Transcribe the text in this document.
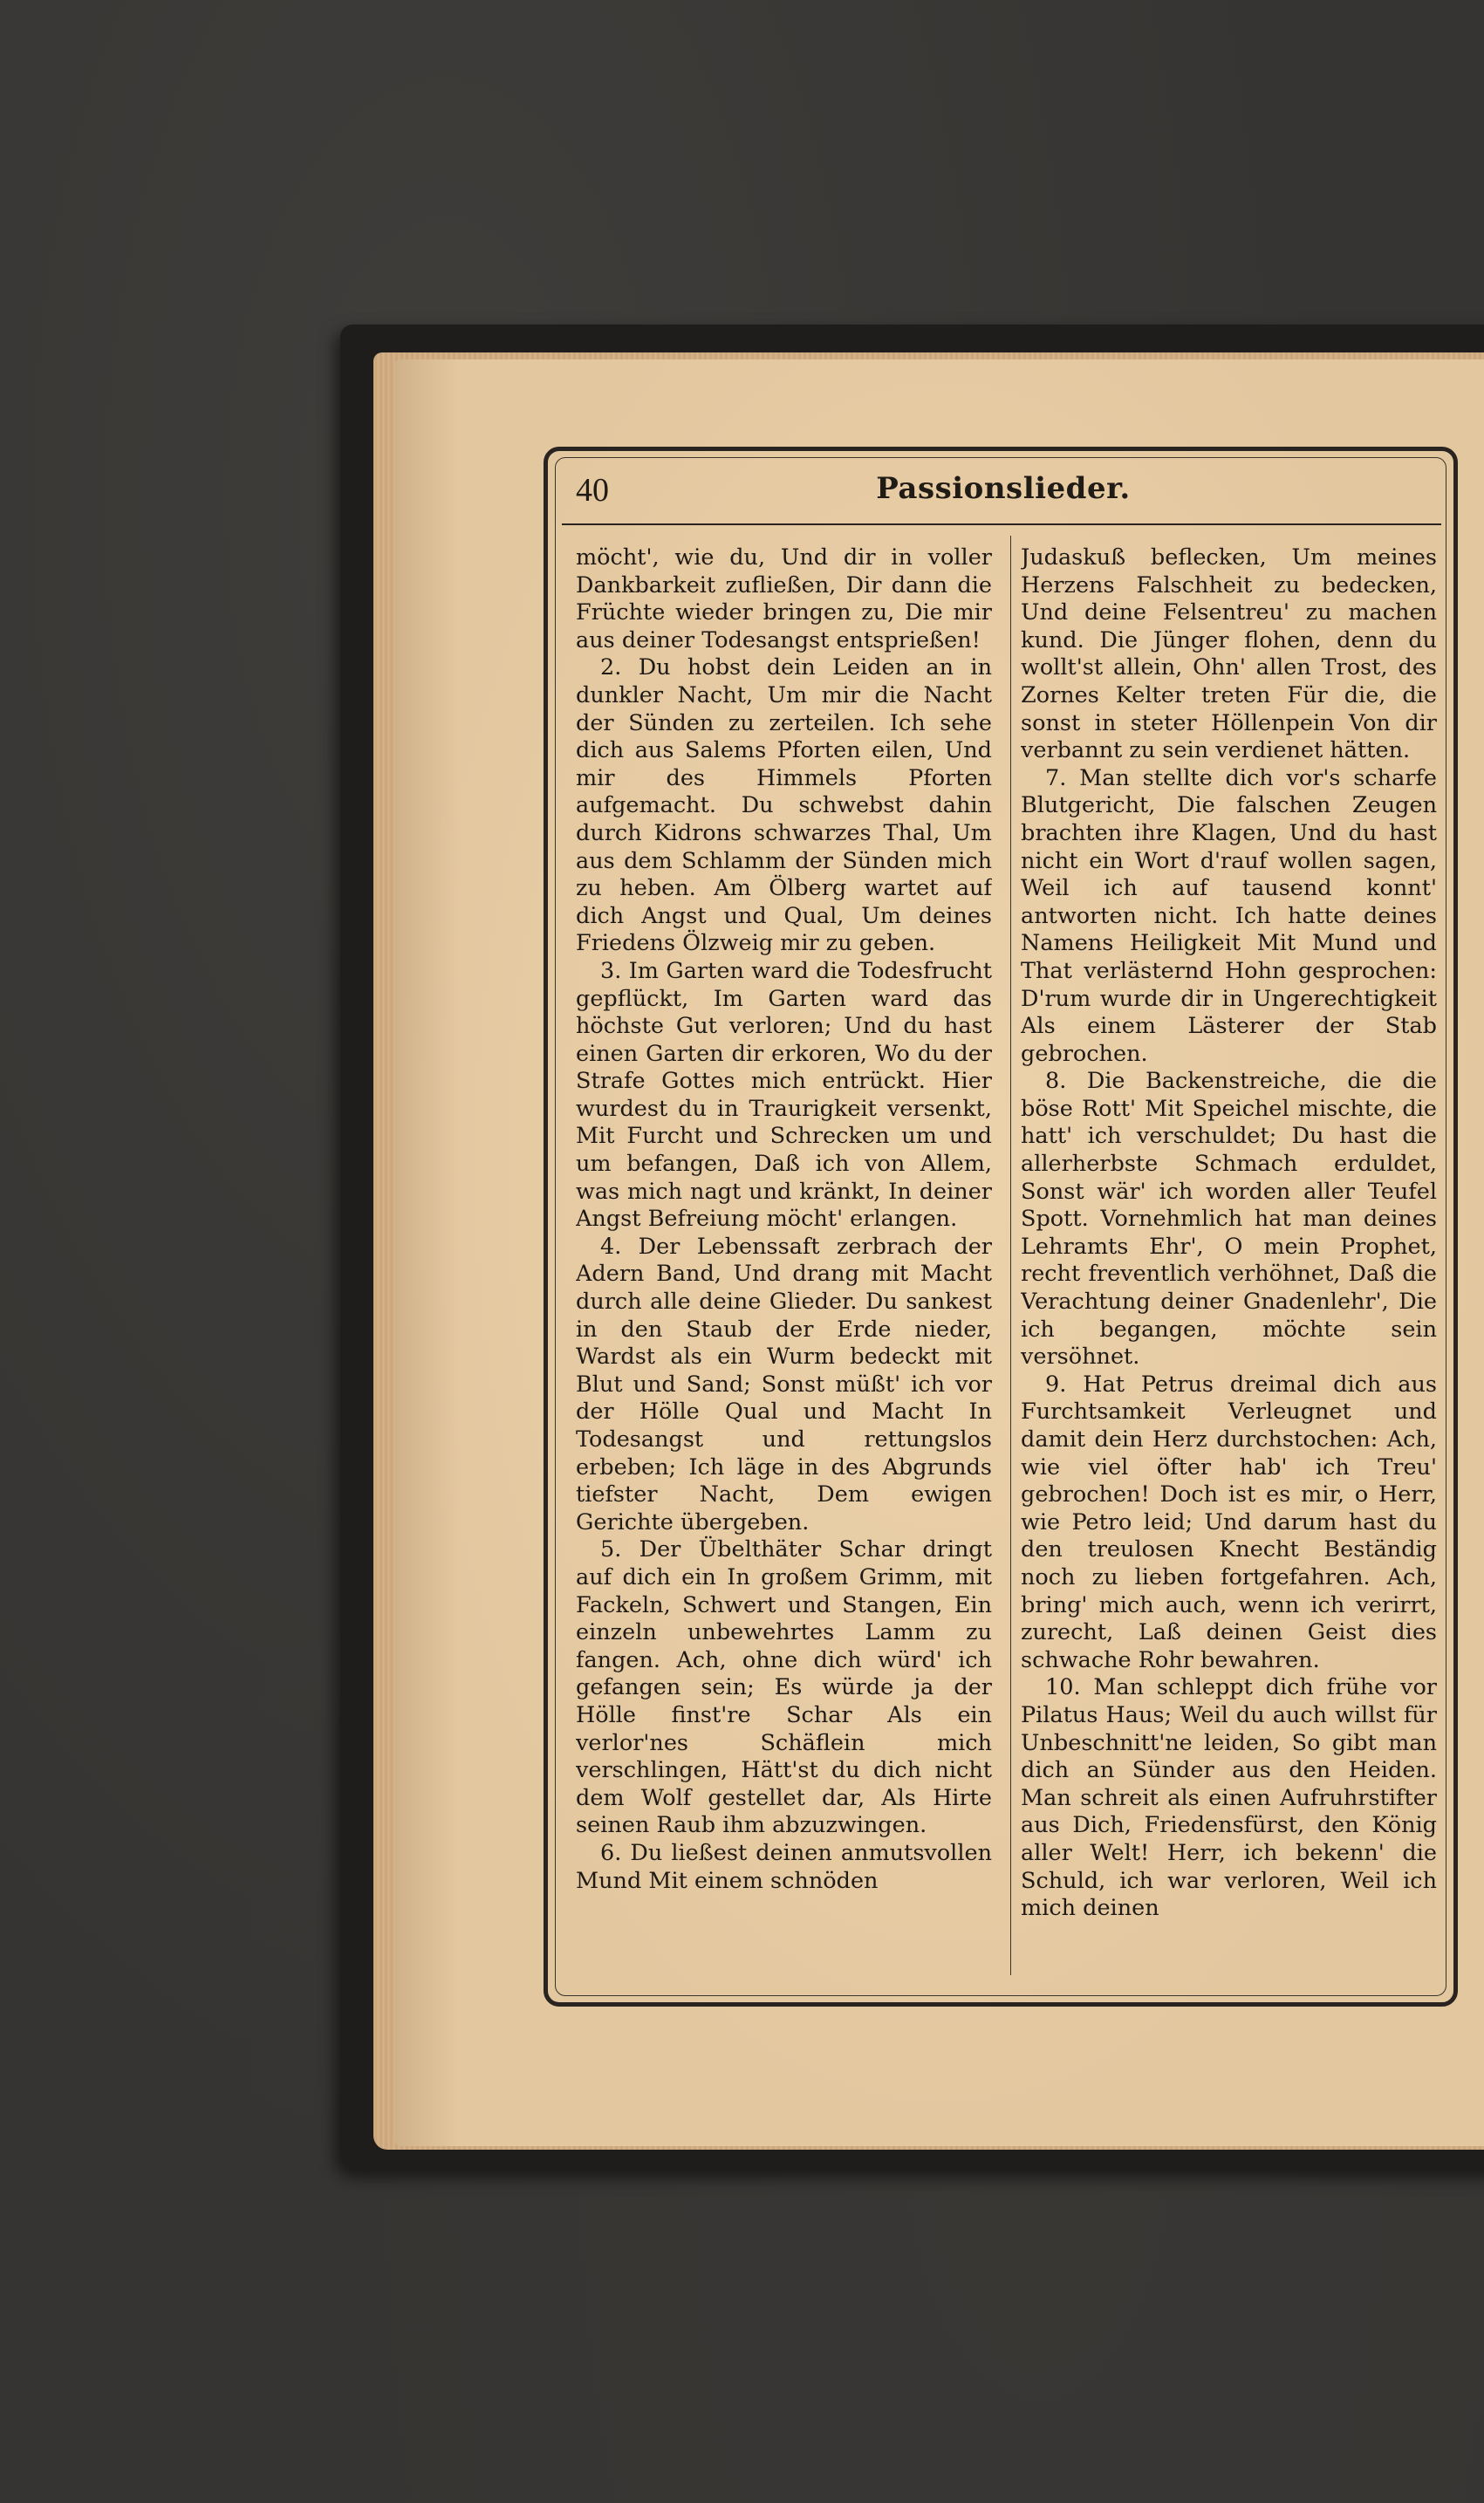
40	Passionslieder.

möcht', wie du, Und dir in voller Dankbarkeit zufließen, Dir dann die Früchte wieder bringen zu, Die mir aus deiner Todesangst entsprießen!

2. Du hobst dein Leiden an in dunkler Nacht, Um mir die Nacht der Sünden zu zerteilen. Ich sehe dich aus Salems Pforten eilen, Und mir des Himmels Pforten aufgemacht. Du schwebst dahin durch Kidrons schwarzes Thal, Um aus dem Schlamm der Sünden mich zu heben. Am Ölberg wartet auf dich Angst und Qual, Um deines Friedens Ölzweig mir zu geben.

3. Im Garten ward die Todesfrucht gepflückt, Im Garten ward das höchste Gut verloren; Und du hast einen Garten dir erkoren, Wo du der Strafe Gottes mich entrückt. Hier wurdest du in Traurigkeit versenkt, Mit Furcht und Schrecken um und um befangen, Daß ich von Allem, was mich nagt und kränkt, In deiner Angst Befreiung möcht' erlangen.

4. Der Lebenssaft zerbrach der Adern Band, Und drang mit Macht durch alle deine Glieder. Du sankest in den Staub der Erde nieder, Wardst als ein Wurm bedeckt mit Blut und Sand; Sonst müßt' ich vor der Hölle Qual und Macht In Todesangst und rettungslos erbeben; Ich läge in des Abgrunds tiefster Nacht, Dem ewigen Gerichte übergeben.

5. Der Übelthäter Schar dringt auf dich ein In großem Grimm, mit Fackeln, Schwert und Stangen, Ein einzeln unbewehrtes Lamm zu fangen. Ach, ohne dich würd' ich gefangen sein; Es würde ja der Hölle finst're Schar Als ein verlor'nes Schäflein mich verschlingen, Hätt'st du dich nicht dem Wolf gestellet dar, Als Hirte seinen Raub ihm abzuzwingen.

6. Du ließest deinen anmutsvollen Mund Mit einem schnöden

Judaskuß beflecken, Um meines Herzens Falschheit zu bedecken, Und deine Felsentreu' zu machen kund. Die Jünger flohen, denn du wollt'st allein, Ohn' allen Trost, des Zornes Kelter treten Für die, die sonst in steter Höllenpein Von dir verbannt zu sein verdienet hätten.

7. Man stellte dich vor's scharfe Blutgericht, Die falschen Zeugen brachten ihre Klagen, Und du hast nicht ein Wort d'rauf wollen sagen, Weil ich auf tausend konnt' antworten nicht. Ich hatte deines Namens Heiligkeit Mit Mund und That verlästernd Hohn gesprochen: D'rum wurde dir in Ungerechtigkeit Als einem Lästerer der Stab gebrochen.

8. Die Backenstreiche, die die böse Rott' Mit Speichel mischte, die hatt' ich verschuldet; Du hast die allerherbste Schmach erduldet, Sonst wär' ich worden aller Teufel Spott. Vornehmlich hat man deines Lehramts Ehr', O mein Prophet, recht freventlich verhöhnet, Daß die Verachtung deiner Gnadenlehr', Die ich begangen, möchte sein versöhnet.

9. Hat Petrus dreimal dich aus Furchtsamkeit Verleugnet und damit dein Herz durchstochen: Ach, wie viel öfter hab' ich Treu' gebrochen! Doch ist es mir, o Herr, wie Petro leid; Und darum hast du den treulosen Knecht Beständig noch zu lieben fortgefahren. Ach, bring' mich auch, wenn ich verirrt, zurecht, Laß deinen Geist dies schwache Rohr bewahren.

10. Man schleppt dich frühe vor Pilatus Haus; Weil du auch willst für Unbeschnitt'ne leiden, So gibt man dich an Sünder aus den Heiden. Man schreit als einen Aufruhrstifter aus Dich, Friedensfürst, den König aller Welt! Herr, ich bekenn' die Schuld, ich war verloren, Weil ich mich deinen
